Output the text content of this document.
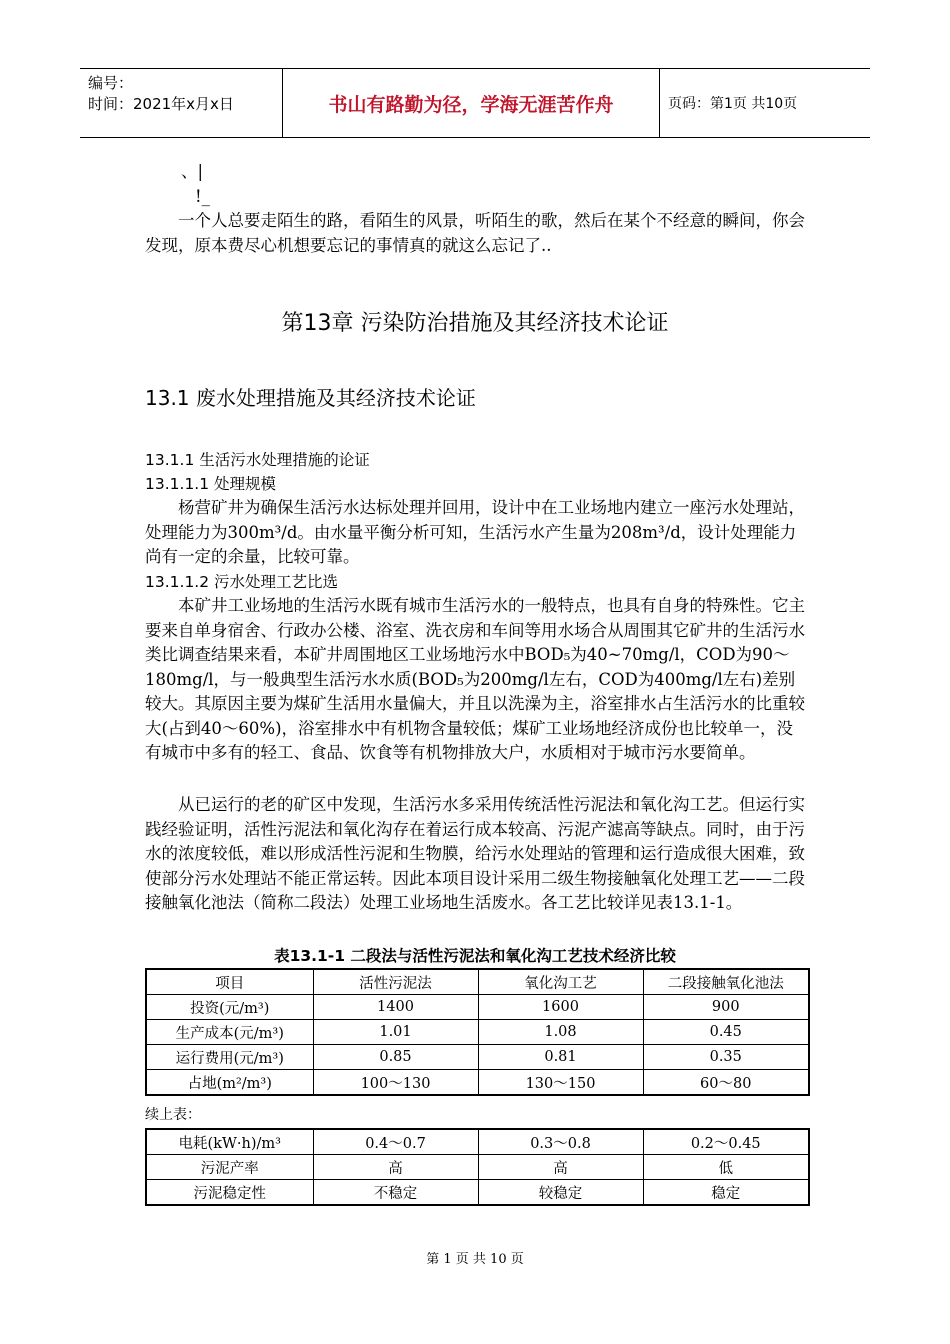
编号：
时间：2021年x月x日	书山有路勤为径，学海无涯苦作舟	页码：第1页 共10页
、|
!_
一个人总要走陌生的路，看陌生的风景，听陌生的歌，然后在某个不经意的瞬间，你会发现，原本费尽心机想要忘记的事情真的就这么忘记了..
第13章 污染防治措施及其经济技术论证
13.1 废水处理措施及其经济技术论证
13.1.1 生活污水处理措施的论证
13.1.1.1 处理规模
杨营矿井为确保生活污水达标处理并回用，设计中在工业场地内建立一座污水处理站，处理能力为300m³/d。由水量平衡分析可知，生活污水产生量为208m³/d，设计处理能力尚有一定的余量，比较可靠。
13.1.1.2 污水处理工艺比选
本矿井工业场地的生活污水既有城市生活污水的一般特点，也具有自身的特殊性。它主要来自单身宿舍、行政办公楼、浴室、洗衣房和车间等用水场合从周围其它矿井的生活污水类比调查结果来看，本矿井周围地区工业场地污水中BOD₅为40~70mg/l，COD为90～180mg/l，与一般典型生活污水水质(BOD₅为200mg/l左右，COD为400mg/l左右)差别较大。其原因主要为煤矿生活用水量偏大，并且以洗澡为主，浴室排水占生活污水的比重较大(占到40～60%)，浴室排水中有机物含量较低；煤矿工业场地经济成份也比较单一，没有城市中多有的轻工、食品、饮食等有机物排放大户，水质相对于城市污水要简单。
从已运行的老的矿区中发现，生活污水多采用传统活性污泥法和氧化沟工艺。但运行实践经验证明，活性污泥法和氧化沟存在着运行成本较高、污泥产滤高等缺点。同时，由于污水的浓度较低，难以形成活性污泥和生物膜，给污水处理站的管理和运行造成很大困难，致使部分污水处理站不能正常运转。因此本项目设计采用二级生物接触氧化处理工艺——二段接触氧化池法（简称二段法）处理工业场地生活废水。各工艺比较详见表13.1-1。
表13.1-1 二段法与活性污泥法和氧化沟工艺技术经济比较
项目	活性污泥法	氧化沟工艺	二段接触氧化池法
投资(元/m³)	1400	1600	900
生产成本(元/m³)	1.01	1.08	0.45
运行费用(元/m³)	0.85	0.81	0.35
占地(m²/m³)	100～130	130～150	60～80
续上表：
电耗(kW·h)/m³	0.4～0.7	0.3～0.8	0.2～0.45
污泥产率	高	高	低
污泥稳定性	不稳定	较稳定	稳定
第 1 页 共 10 页
